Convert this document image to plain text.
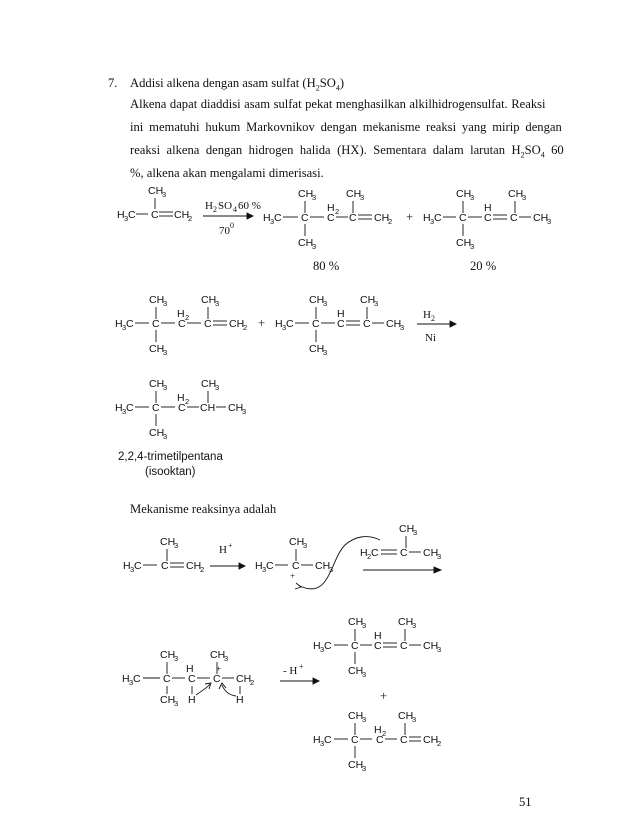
7. Addisi alkena dengan asam sulfat $(H_2SO_4)$
Alkena dapat diaddisi asam sulfat pekat menghasilkan alkilhidrogensulfat. Reaksi
ini mematuhi hukum Markovnikov dengan mekanisme reaksi yang mirip dengan
reaksi alkena dengan hidrogen halida (HX). Sementara dalam larutan $H_2SO_4$ 60
%, alkena akan mengalami dimerisasi.
CH
3
H 3 C C CH
2
H 2 SO 4 60 %
70 0
CH
3	CH
3
H 2
H 3 C C C C CH
2
CH
3
+
CH
3	CH
3
H
H 3 C C C C CH
3
CH
3
80 %	20 %
CH
3	CH
3
H 2
H 3 C C C C CH
2
CH
3
+
CH
3	CH
3
H
H 3 C C C C CH
3
CH
3
H 2
Ni
CH
3	CH
3
H 2
H 3 C C C CH CH
3
CH
3
CH
3
H 3 C C CH
2
H +	CH
3
H 3 C C CH
3
+
CH
3
H 2 C C CH
3
CH
3	CH
3
H +
H 3 C C C C CH
2
CH
3 H	H
- H +
CH
3	CH
3
H
H 3 C C C C CH
3
CH
3
+
CH
3	CH
3
H 2
H 3 C C C C CH
2
CH
3
2,2,4-trimetilpentana
(isooktan)
Mekanisme reaksinya adalah
51
